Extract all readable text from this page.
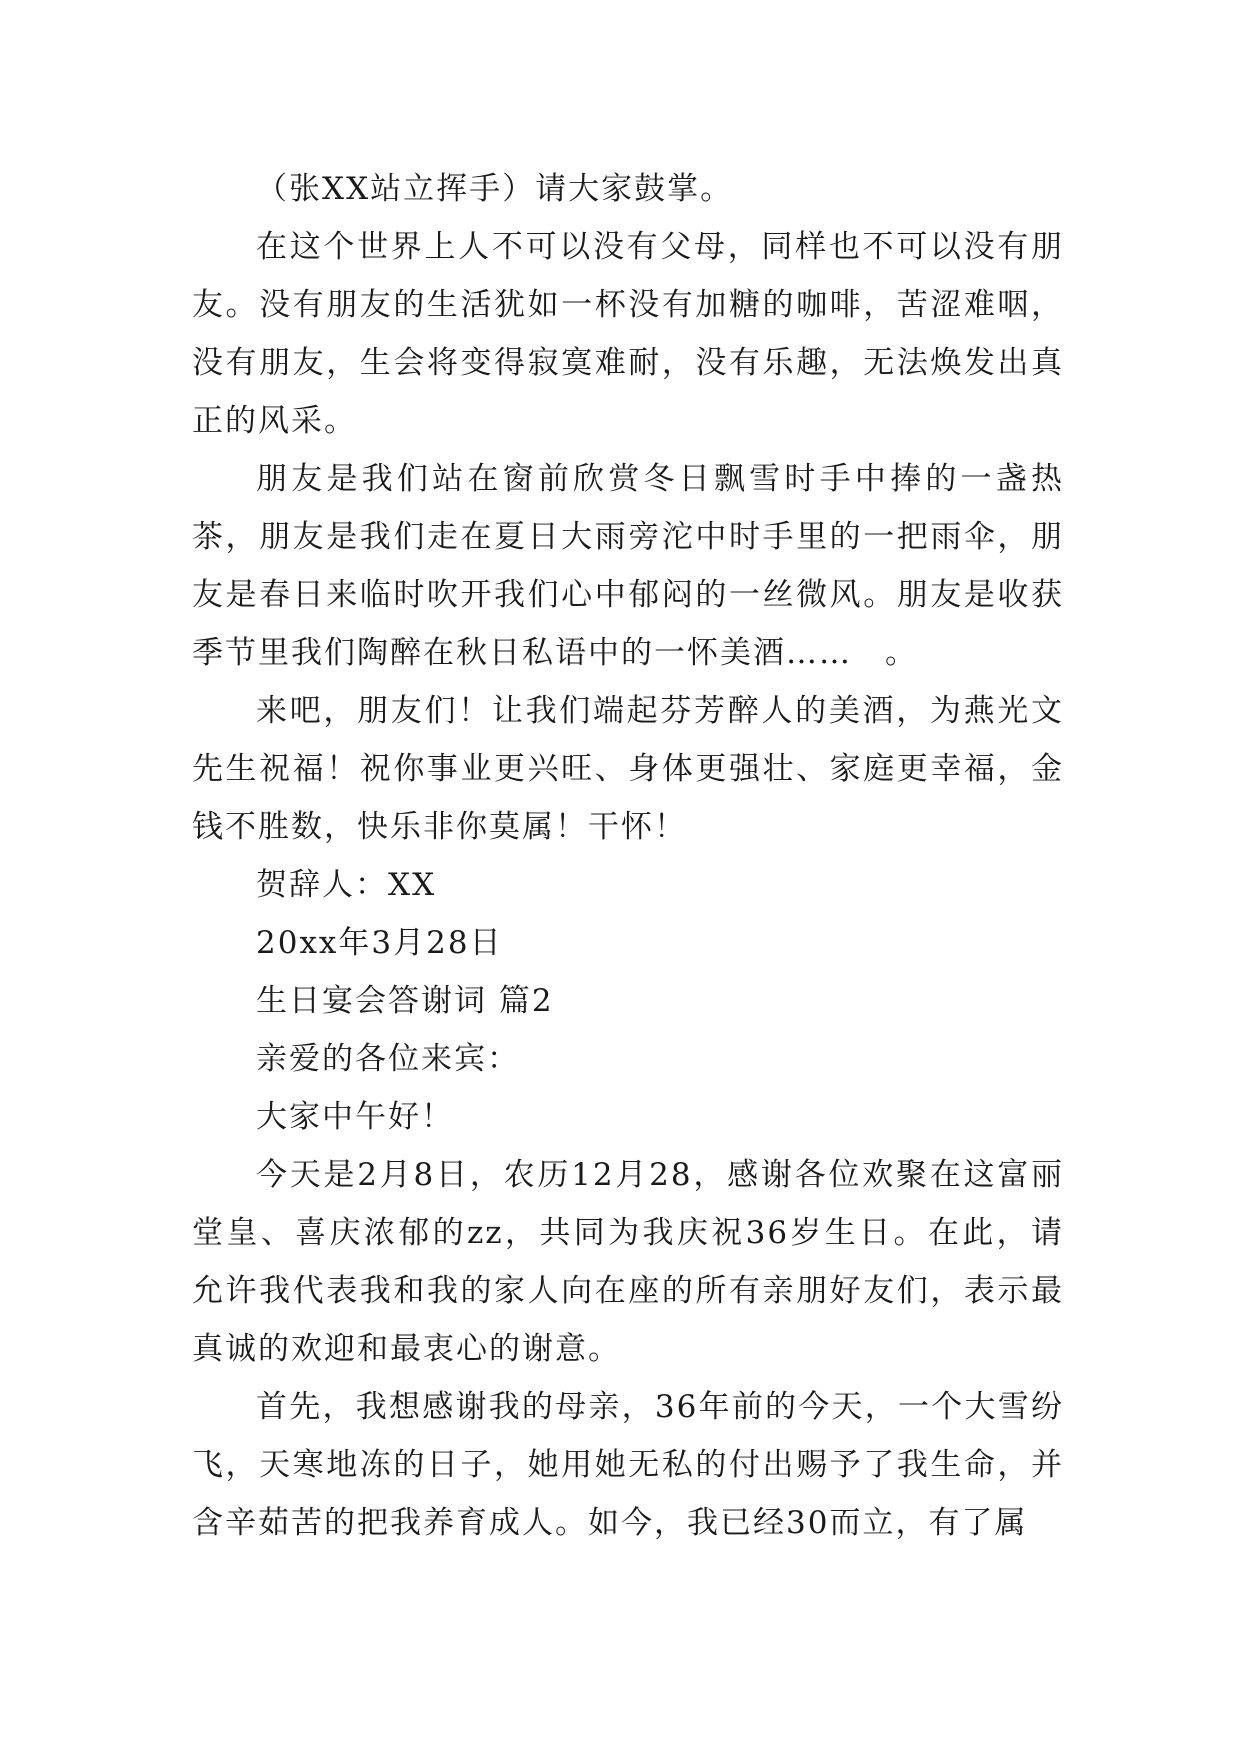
（张XX站立挥手）请大家鼓掌。

在这个世界上人不可以没有父母，同样也不可以没有朋友。没有朋友的生活犹如一杯没有加糖的咖啡，苦涩难咽，没有朋友，生会将变得寂寞难耐，没有乐趣，无法焕发出真正的风采。

朋友是我们站在窗前欣赏冬日飘雪时手中捧的一盏热茶，朋友是我们走在夏日大雨旁沱中时手里的一把雨伞，朋友是春日来临时吹开我们心中郁闷的一丝微风。朋友是收获季节里我们陶醉在秋日私语中的一怀美酒……　。

来吧，朋友们！让我们端起芬芳醉人的美酒，为燕光文先生祝福！祝你事业更兴旺、身体更强壮、家庭更幸福，金钱不胜数，快乐非你莫属！干怀！

贺辞人：XX

20xx年3月28日

生日宴会答谢词 篇2

亲爱的各位来宾：

大家中午好！

今天是2月8日，农历12月28，感谢各位欢聚在这富丽堂皇、喜庆浓郁的zz，共同为我庆祝36岁生日。在此，请允许我代表我和我的家人向在座的所有亲朋好友们，表示最真诚的欢迎和最衷心的谢意。

首先，我想感谢我的母亲，36年前的今天，一个大雪纷飞，天寒地冻的日子，她用她无私的付出赐予了我生命，并含辛茹苦的把我养育成人。如今，我已经30而立，有了属
